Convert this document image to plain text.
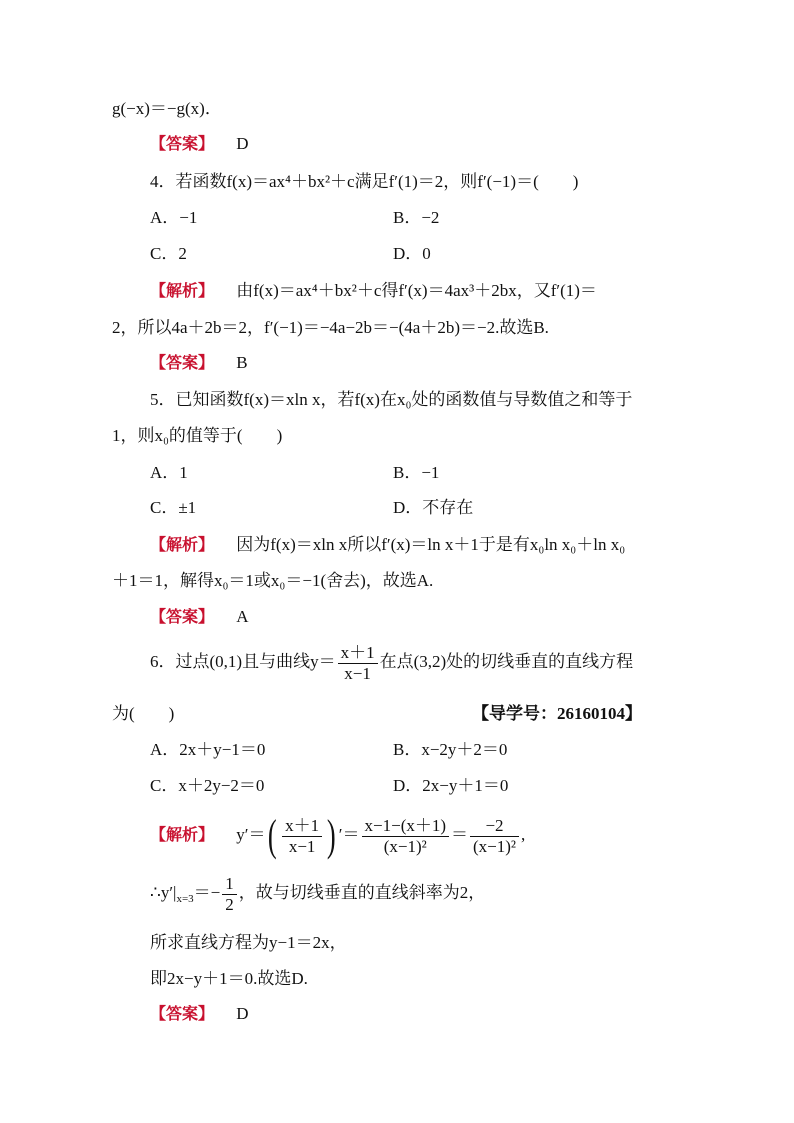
g(−x)＝−g(x)．
【答案】 D
4．若函数f(x)＝ax⁴＋bx²＋c满足f′(1)＝2，则f′(−1)＝(　　)
A．−1	B．−2
C．2	D．0
【解析】 由f(x)＝ax⁴＋bx²＋c得f′(x)＝4ax³＋2bx，又f′(1)＝
2，所以4a＋2b＝2，f′(−1)＝−4a−2b＝−(4a＋2b)＝−2.故选B.
【答案】 B
5．已知函数f(x)＝xln x，若f(x)在x₀处的函数值与导数值之和等于
1，则x₀的值等于(　　)
A．1	B．−1
C．±1	D．不存在
【解析】 因为f(x)＝xln x所以f′(x)＝ln x＋1于是有x₀ln x₀＋ln x₀
＋1＝1，解得x₀＝1或x₀＝−1(舍去)，故选A.
【答案】 A
6．过点(0,1)且与曲线$y= \frac{x+1}{x-1}$ 在点(3,2)处的切线垂直的直线方程
为(　　)	【导学号：26160104】
A．2x＋y−1＝0	B．x−2y＋2＝0
C．x＋2y−2＝0	D．2x−y＋1＝0
【解析】 $y'=( \frac{x+1}{x-1}$ ) ′＝ $\frac{x-1-(x+1)}{\text{(x−1)²}} = \frac{-2}{\text{(x−1)²}}$ ,
$\therefore y'|_{x=3}=- \frac{1}{2}$ ，故与切线垂直的直线斜率为2，
所求直线方程为y−1＝2x，
即2x−y＋1＝0.故选D.
【答案】 D
